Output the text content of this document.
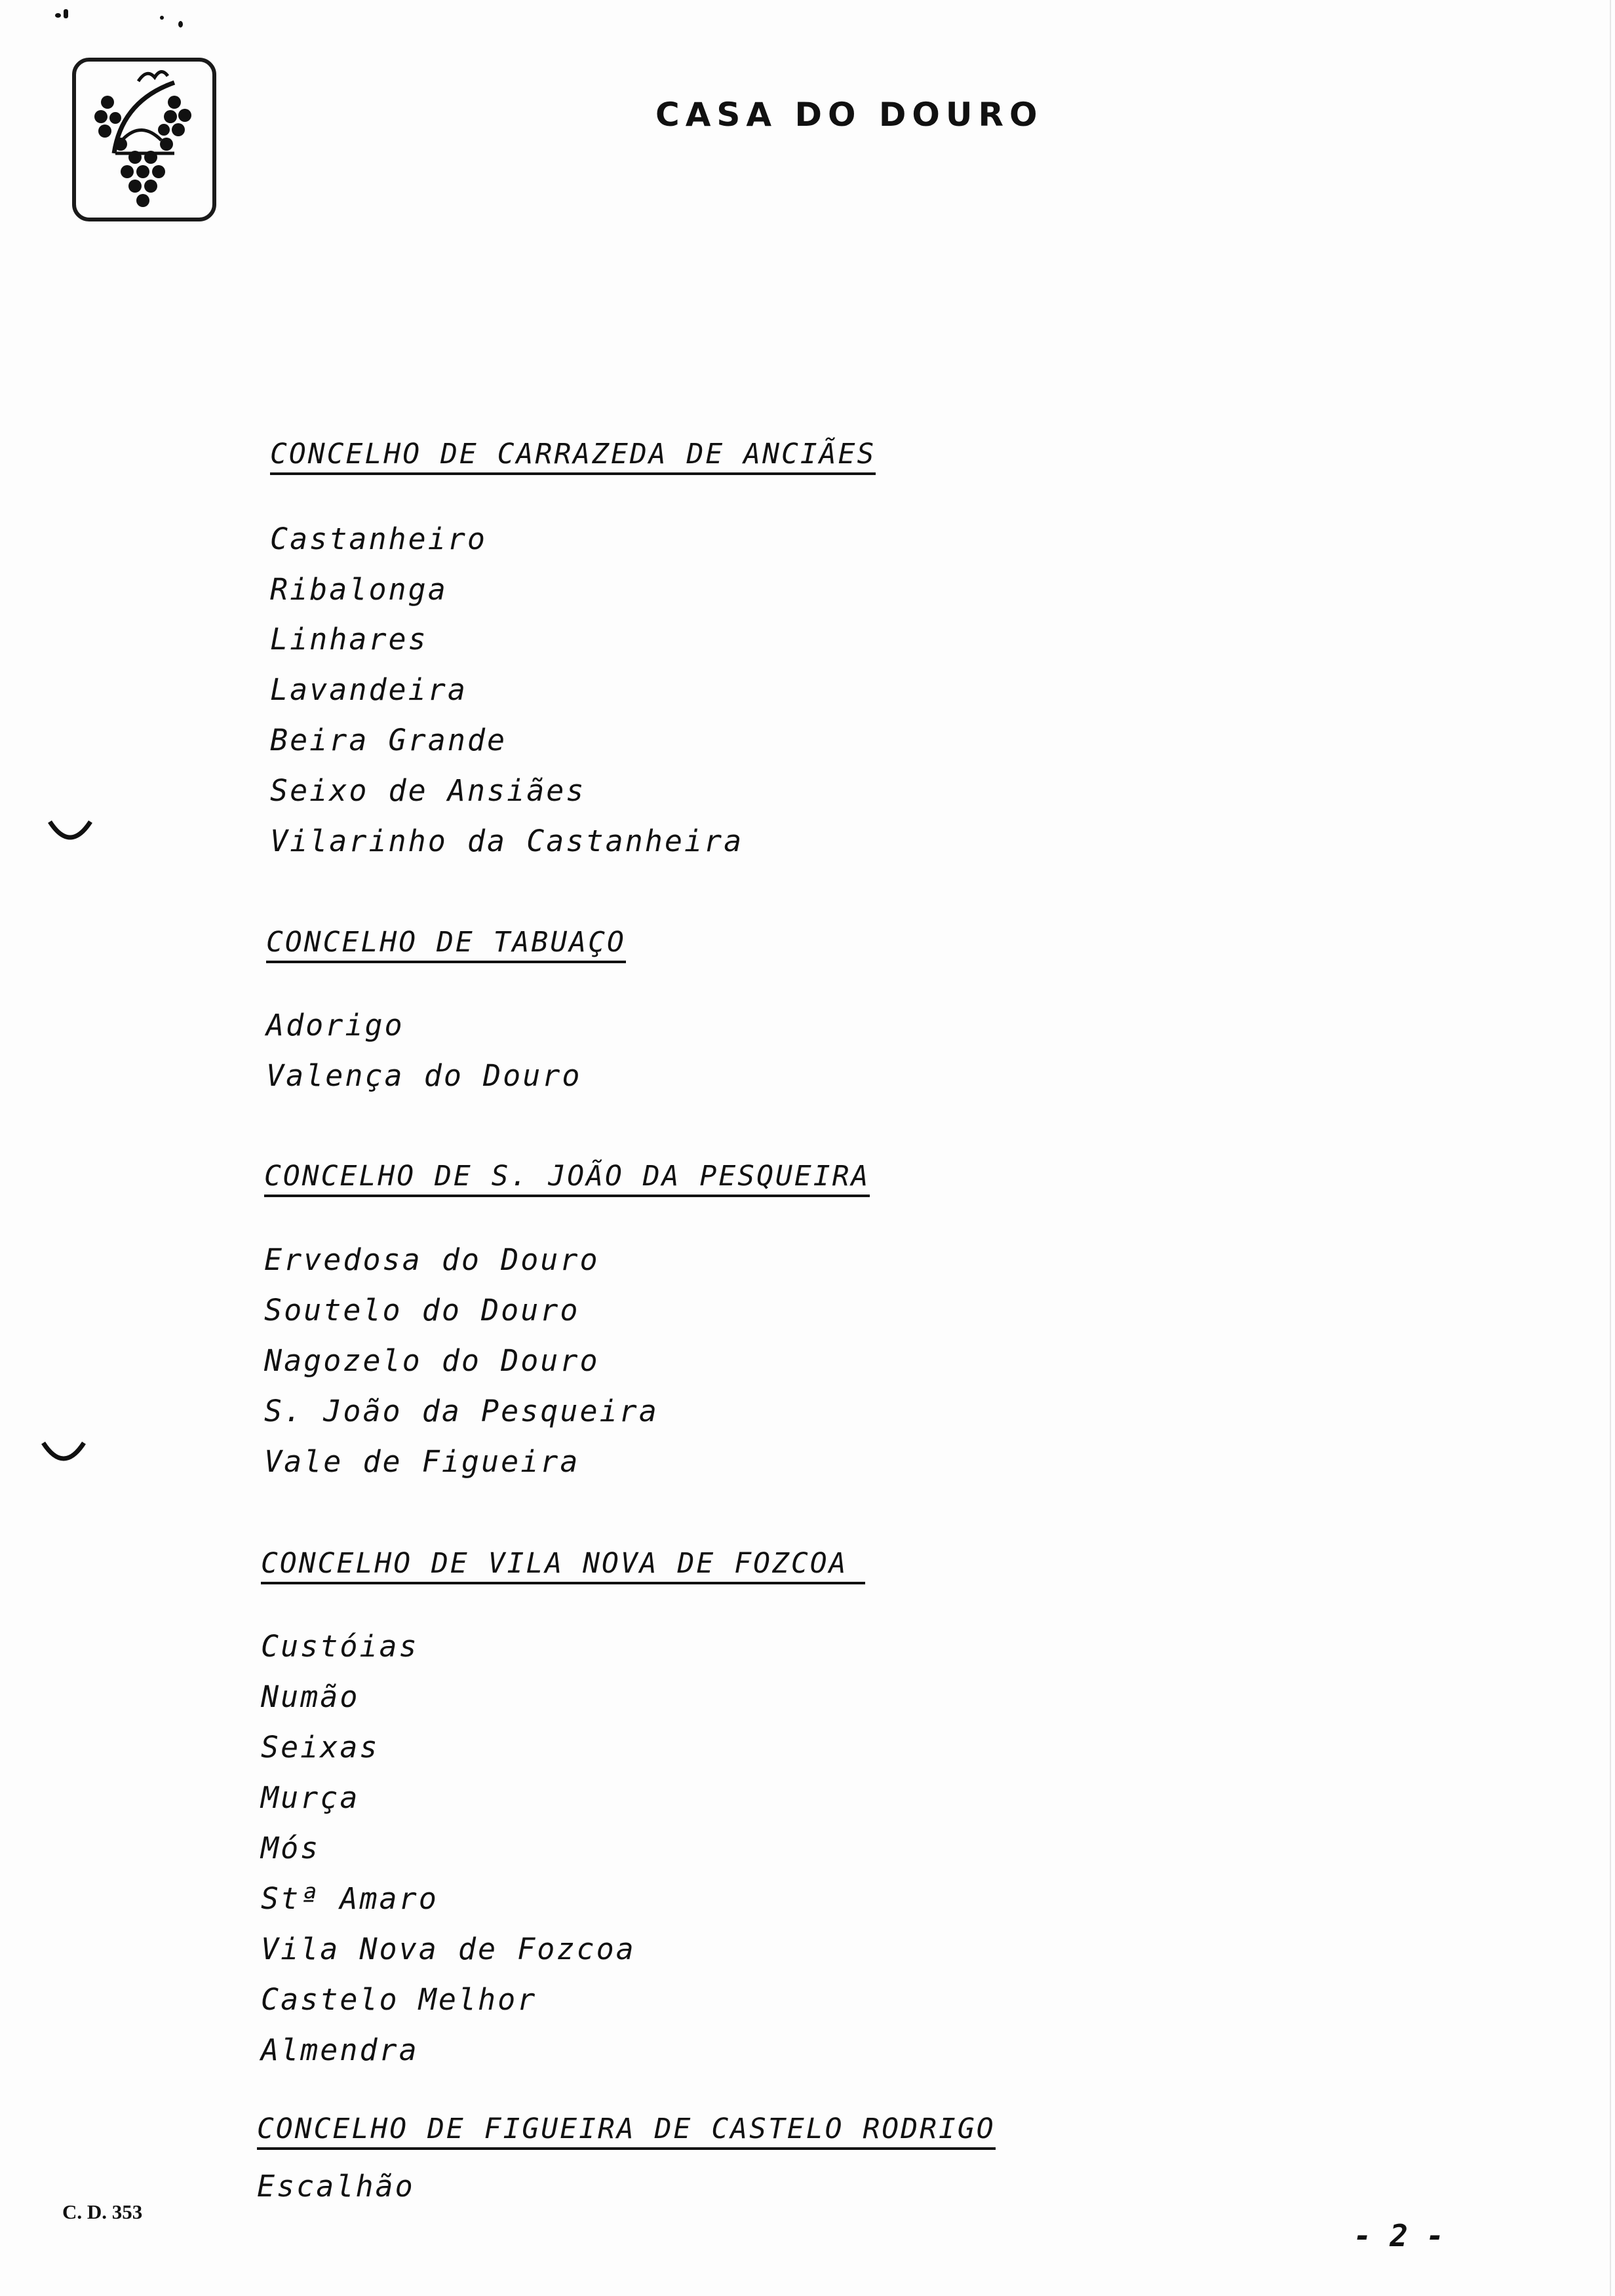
CASA DO DOURO
CONCELHO DE CARRAZEDA DE ANCIÃES
Castanheiro
Ribalonga
Linhares
Lavandeira
Beira Grande
Seixo de Ansiães
Vilarinho da Castanheira
CONCELHO DE TABUAÇO
Adorigo
Valença do Douro
CONCELHO DE S. JOÃO DA PESQUEIRA
Ervedosa do Douro
Soutelo do Douro
Nagozelo do Douro
S. João da Pesqueira
Vale de Figueira
CONCELHO DE VILA NOVA DE FOZCOA
Custóias
Numão
Seixas
Murça
Mós
Stª Amaro
Vila Nova de Fozcoa
Castelo Melhor
Almendra
CONCELHO DE FIGUEIRA DE CASTELO RODRIGO
Escalhão
C. D. 353
- 2 -
